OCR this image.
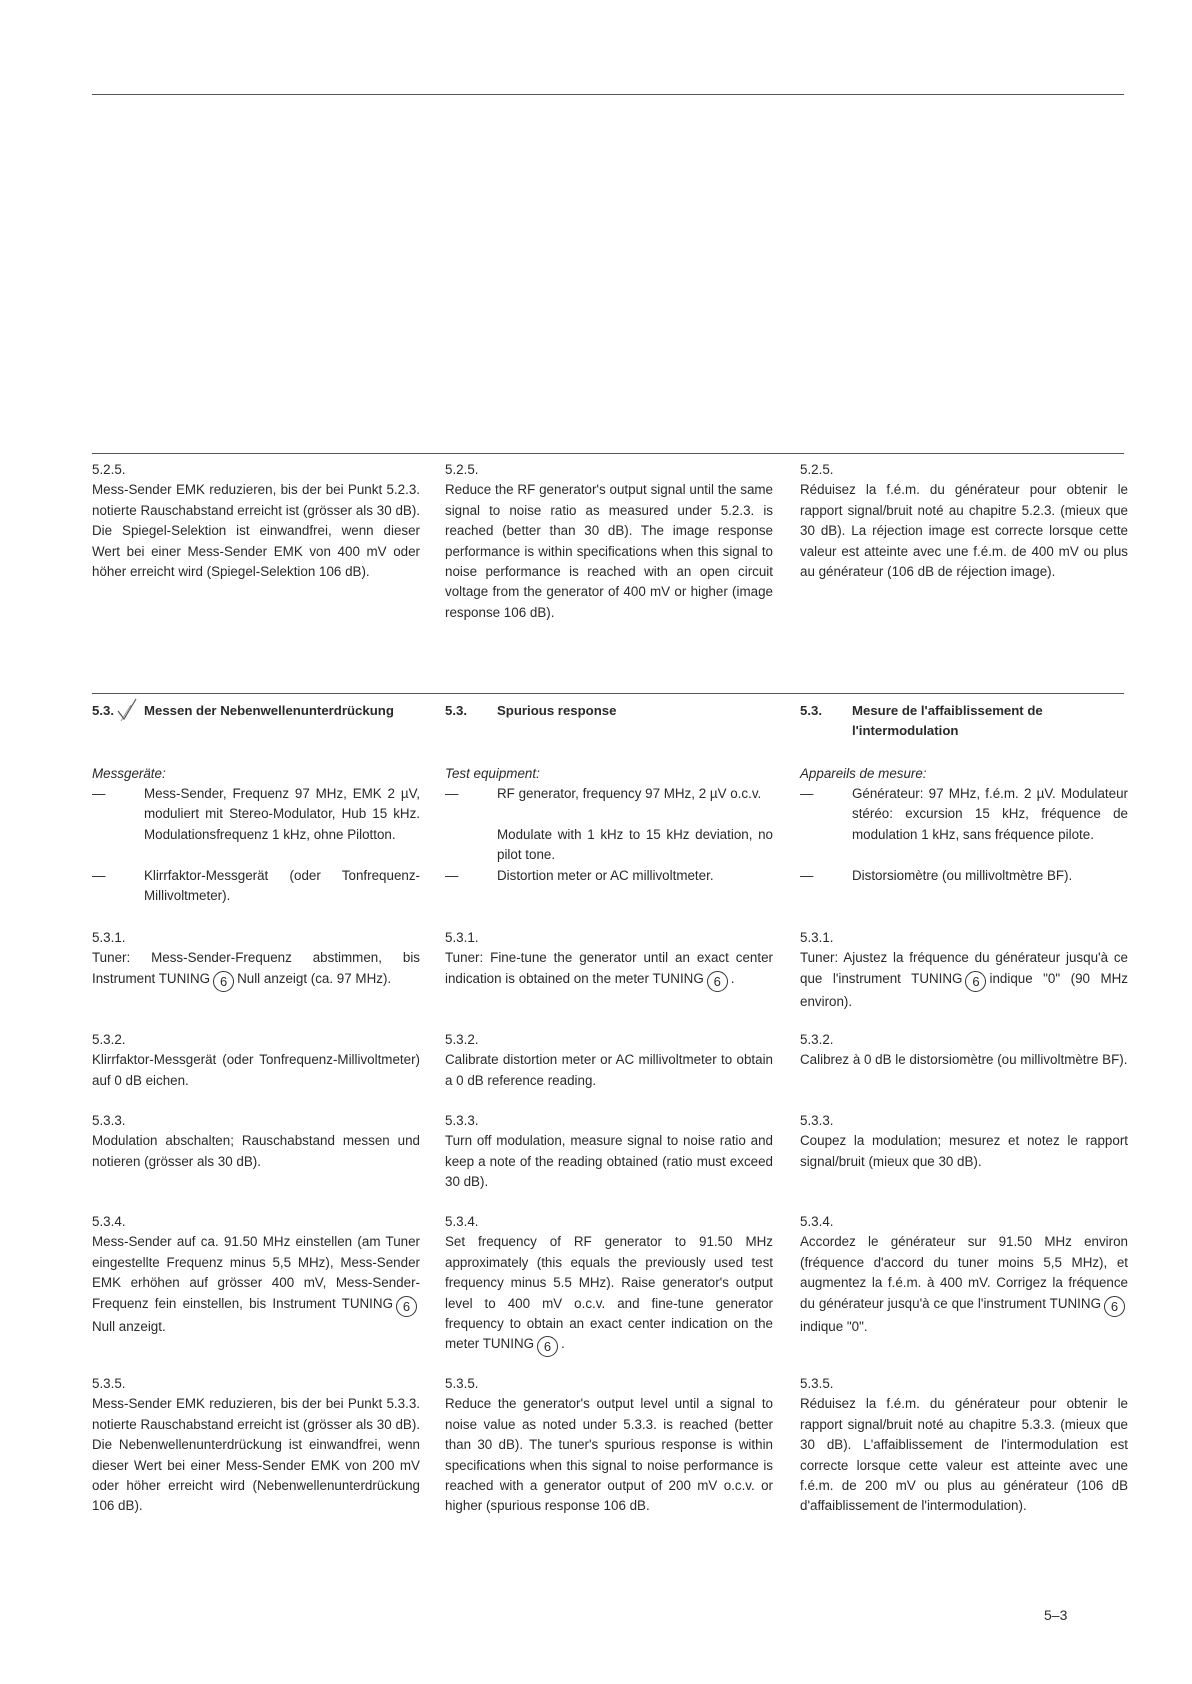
5.2.5.
Mess-Sender EMK reduzieren, bis der bei Punkt 5.2.3. notierte Rauschabstand erreicht ist (grösser als 30 dB). Die Spiegel-Selektion ist einwandfrei, wenn dieser Wert bei einer Mess-Sender EMK von 400 mV oder höher erreicht wird (Spiegel-Selektion 106 dB).
5.2.5.
Reduce the RF generator's output signal until the same signal to noise ratio as measured under 5.2.3. is reached (better than 30 dB). The image response performance is within specifications when this signal to noise performance is reached with an open circuit voltage from the generator of 400 mV or higher (image response 106 dB).
5.2.5.
Réduisez la f.é.m. du générateur pour obtenir le rapport signal/bruit noté au chapitre 5.2.3. (mieux que 30 dB). La réjection image est correcte lorsque cette valeur est atteinte avec une f.é.m. de 400 mV ou plus au générateur (106 dB de réjection image).
5.3. Messen der Nebenwellenunterdrückung	5.3. Spurious response	5.3. Mesure de l'affaiblissement de l'intermodulation
Messgeräte:
—	Mess-Sender, Frequenz 97 MHz, EMK 2 µV, moduliert mit Stereo-Modulator, Hub 15 kHz. Modulationsfrequenz 1 kHz, ohne Pilotton.
—	Klirrfaktor-Messgerät (oder Tonfrequenz-Millivoltmeter).
Test equipment:
—	RF generator, frequency 97 MHz, 2 µV o.c.v.
Modulate with 1 kHz to 15 kHz deviation, no pilot tone.
—	Distortion meter or AC millivoltmeter.
Appareils de mesure:
—	Générateur: 97 MHz, f.é.m. 2 µV. Modulateur stéréo: excursion 15 kHz, fréquence de modulation 1 kHz, sans fréquence pilote.
—	Distorsiomètre (ou millivoltmètre BF).
5.3.1.
Tuner: Mess-Sender-Frequenz abstimmen, bis Instrument TUNING 6 Null anzeigt (ca. 97 MHz).
5.3.1.
Tuner: Fine-tune the generator until an exact center indication is obtained on the meter TUNING 6 .
5.3.1.
Tuner: Ajustez la fréquence du générateur jusqu'à ce que l'instrument TUNING 6 indique "0" (90 MHz environ).
5.3.2.
Klirrfaktor-Messgerät (oder Tonfrequenz-Millivoltmeter) auf 0 dB eichen.
5.3.2.
Calibrate distortion meter or AC millivoltmeter to obtain a 0 dB reference reading.
5.3.2.
Calibrez à 0 dB le distorsiomètre (ou millivoltmètre BF).
5.3.3.
Modulation abschalten; Rauschabstand messen und notieren (grösser als 30 dB).
5.3.3.
Turn off modulation, measure signal to noise ratio and keep a note of the reading obtained (ratio must exceed 30 dB).
5.3.3.
Coupez la modulation; mesurez et notez le rapport signal/bruit (mieux que 30 dB).
5.3.4.
Mess-Sender auf ca. 91.50 MHz einstellen (am Tuner eingestellte Frequenz minus 5,5 MHz), Mess-Sender EMK erhöhen auf grösser 400 mV, Mess-Sender-Frequenz fein einstellen, bis Instrument TUNING 6Null anzeigt.
5.3.4.
Set frequency of RF generator to 91.50 MHz approximately (this equals the previously used test frequency minus 5.5 MHz). Raise generator's output level to 400 mV o.c.v. and fine-tune generator frequency to obtain an exact center indication on the meter TUNING 6 .
5.3.4.
Accordez le générateur sur 91.50 MHz environ (fréquence d'accord du tuner moins 5,5 MHz), et augmentez la f.é.m. à 400 mV. Corrigez la fréquence du générateur jusqu'à ce que l'instrument TUNING 6indique "0".
5.3.5.
Mess-Sender EMK reduzieren, bis der bei Punkt 5.3.3. notierte Rauschabstand erreicht ist (grösser als 30 dB). Die Nebenwellenunterdrückung ist einwandfrei, wenn dieser Wert bei einer Mess-Sender EMK von 200 mV oder höher erreicht wird (Nebenwellenunterdrückung 106 dB).
5.3.5.
Reduce the generator's output level until a signal to noise value as noted under 5.3.3. is reached (better than 30 dB). The tuner's spurious response is within specifications when this signal to noise performance is reached with a generator output of 200 mV o.c.v. or higher (spurious response 106 dB.
5.3.5.
Réduisez la f.é.m. du générateur pour obtenir le rapport signal/bruit noté au chapitre 5.3.3. (mieux que 30 dB). L'affaiblissement de l'intermodulation est correcte lorsque cette valeur est atteinte avec une f.é.m. de 200 mV ou plus au générateur (106 dB d'affaiblissement de l'intermodulation).
5–3
